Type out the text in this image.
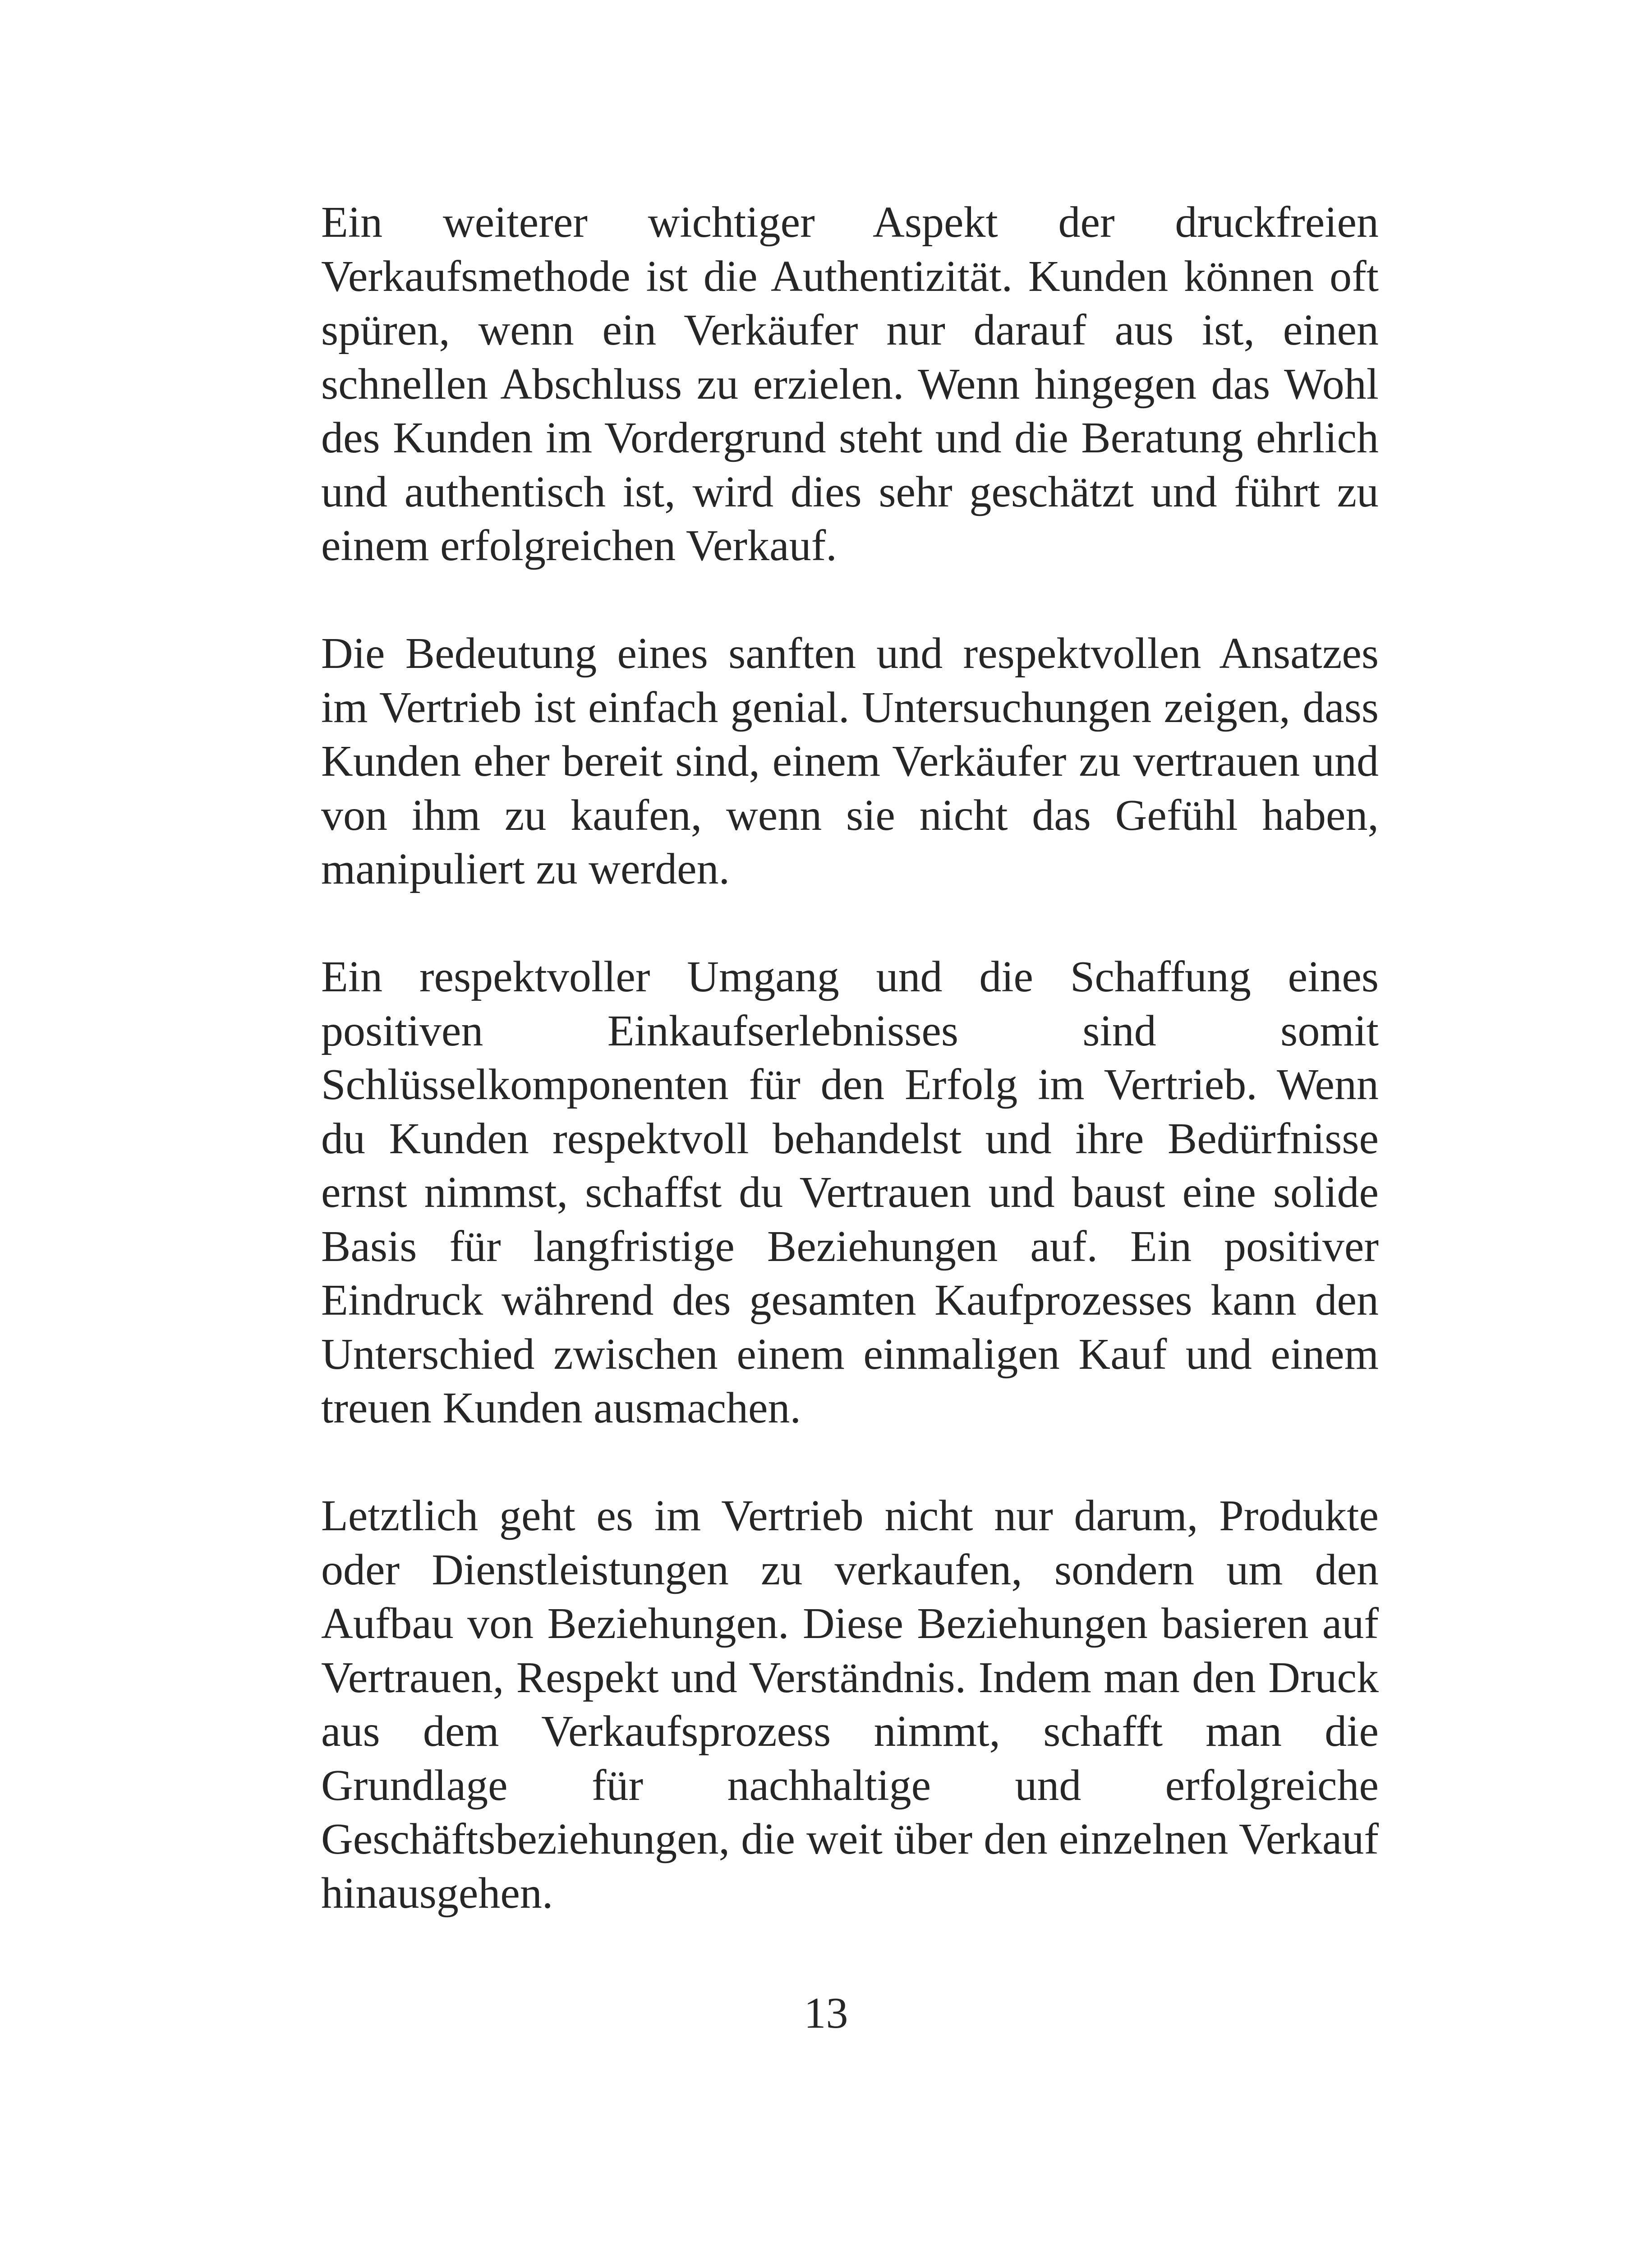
Ein weiterer wichtiger Aspekt der druckfreien Verkaufsmethode ist die Authentizität. Kunden können oft spüren, wenn ein Verkäufer nur darauf aus ist, einen schnellen Abschluss zu erzielen. Wenn hingegen das Wohl des Kunden im Vordergrund steht und die Beratung ehrlich und authentisch ist, wird dies sehr geschätzt und führt zu einem erfolgreichen Verkauf.

Die Bedeutung eines sanften und respektvollen Ansatzes im Vertrieb ist einfach genial. Untersuchungen zeigen, dass Kunden eher bereit sind, einem Verkäufer zu vertrauen und von ihm zu kaufen, wenn sie nicht das Gefühl haben, manipuliert zu werden.

Ein respektvoller Umgang und die Schaffung eines positiven Einkaufserlebnisses sind somit Schlüsselkomponenten für den Erfolg im Vertrieb. Wenn du Kunden respektvoll behandelst und ihre Bedürfnisse ernst nimmst, schaffst du Vertrauen und baust eine solide Basis für langfristige Beziehungen auf. Ein positiver Eindruck während des gesamten Kaufprozesses kann den Unterschied zwischen einem einmaligen Kauf und einem treuen Kunden ausmachen.

Letztlich geht es im Vertrieb nicht nur darum, Produkte oder Dienstleistungen zu verkaufen, sondern um den Aufbau von Beziehungen. Diese Beziehungen basieren auf Vertrauen, Respekt und Verständnis. Indem man den Druck aus dem Verkaufsprozess nimmt, schafft man die Grundlage für nachhaltige und erfolgreiche Geschäftsbeziehungen, die weit über den einzelnen Verkauf hinausgehen.

13
